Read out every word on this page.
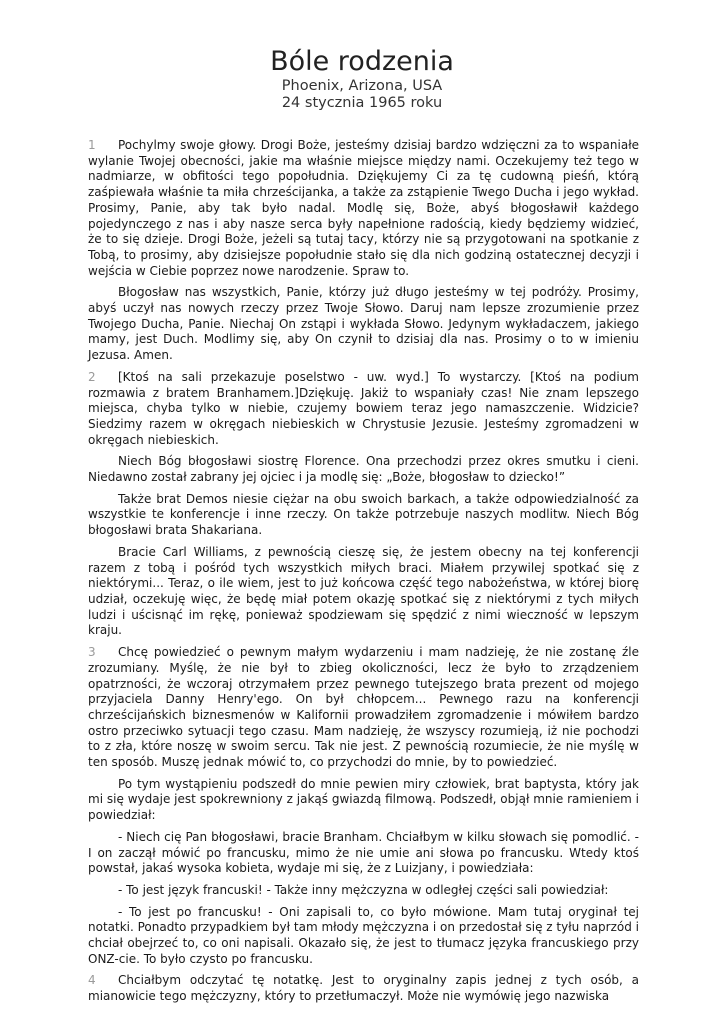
Bóle rodzenia
Phoenix, Arizona, USA
24 stycznia 1965 roku

1 Pochylmy swoje głowy. Drogi Boże, jesteśmy dzisiaj bardzo wdzięczni za to wspaniałe wylanie Twojej obecności, jakie ma właśnie miejsce między nami. Oczekujemy też tego w nadmiarze, w obfitości tego popołudnia. Dziękujemy Ci za tę cudowną pieśń, którą zaśpiewała właśnie ta miła chrześcijanka, a także za zstąpienie Twego Ducha i jego wykład. Prosimy, Panie, aby tak było nadal. Modlę się, Boże, abyś błogosławił każdego pojedynczego z nas i aby nasze serca były napełnione radością, kiedy będziemy widzieć, że to się dzieje. Drogi Boże, jeżeli są tutaj tacy, którzy nie są przygotowani na spotkanie z Tobą, to prosimy, aby dzisiejsze popołudnie stało się dla nich godziną ostatecznej decyzji i wejścia w Ciebie poprzez nowe narodzenie. Spraw to.

Błogosław nas wszystkich, Panie, którzy już długo jesteśmy w tej podróży. Prosimy, abyś uczył nas nowych rzeczy przez Twoje Słowo. Daruj nam lepsze zrozumienie przez Twojego Ducha, Panie. Niechaj On zstąpi i wykłada Słowo. Jedynym wykładaczem, jakiego mamy, jest Duch. Modlimy się, aby On czynił to dzisiaj dla nas. Prosimy o to w imieniu Jezusa. Amen.

2 [Ktoś na sali przekazuje poselstwo - uw. wyd.] To wystarczy. [Ktoś na podium rozmawia z bratem Branhamem.]Dziękuję. Jakiż to wspaniały czas! Nie znam lepszego miejsca, chyba tylko w niebie, czujemy bowiem teraz jego namaszczenie. Widzicie? Siedzimy razem w okręgach niebieskich w Chrystusie Jezusie. Jesteśmy zgromadzeni w okręgach niebieskich.

Niech Bóg błogosławi siostrę Florence. Ona przechodzi przez okres smutku i cieni. Niedawno został zabrany jej ojciec i ja modlę się: „Boże, błogosław to dziecko!”

Także brat Demos niesie ciężar na obu swoich barkach, a także odpowiedzialność za wszystkie te konferencje i inne rzeczy. On także potrzebuje naszych modlitw. Niech Bóg błogosławi brata Shakariana.

Bracie Carl Williams, z pewnością cieszę się, że jestem obecny na tej konferencji razem z tobą i pośród tych wszystkich miłych braci. Miałem przywilej spotkać się z niektórymi... Teraz, o ile wiem, jest to już końcowa część tego nabożeństwa, w której biorę udział, oczekuję więc, że będę miał potem okazję spotkać się z niektórymi z tych miłych ludzi i uścisnąć im rękę, ponieważ spodziewam się spędzić z nimi wieczność w lepszym kraju.

3 Chcę powiedzieć o pewnym małym wydarzeniu i mam nadzieję, że nie zostanę źle zrozumiany. Myślę, że nie był to zbieg okoliczności, lecz że było to zrządzeniem opatrzności, że wczoraj otrzymałem przez pewnego tutejszego brata prezent od mojego przyjaciela Danny Henry'ego. On był chłopcem... Pewnego razu na konferencji chrześcijańskich biznesmenów w Kalifornii prowadziłem zgromadzenie i mówiłem bardzo ostro przeciwko sytuacji tego czasu. Mam nadzieję, że wszyscy rozumieją, iż nie pochodzi to z zła, które noszę w swoim sercu. Tak nie jest. Z pewnością rozumiecie, że nie myślę w ten sposób. Muszę jednak mówić to, co przychodzi do mnie, by to powiedzieć.

Po tym wystąpieniu podszedł do mnie pewien miry człowiek, brat baptysta, który jak mi się wydaje jest spokrewniony z jakąś gwiazdą filmową. Podszedł, objął mnie ramieniem i powiedział:

- Niech cię Pan błogosławi, bracie Branham. Chciałbym w kilku słowach się pomodlić. - I on zaczął mówić po francusku, mimo że nie umie ani słowa po francusku. Wtedy ktoś powstał, jakaś wysoka kobieta, wydaje mi się, że z Luizjany, i powiedziała:

- To jest język francuski! - Także inny mężczyzna w odległej części sali powiedział:

- To jest po francusku! - Oni zapisali to, co było mówione. Mam tutaj oryginał tej notatki. Ponadto przypadkiem był tam młody mężczyzna i on przedostał się z tyłu naprzód i chciał obejrzeć to, co oni napisali. Okazało się, że jest to tłumacz języka francuskiego przy ONZ-cie. To było czysto po francusku.

4 Chciałbym odczytać tę notatkę. Jest to oryginalny zapis jednej z tych osób, a mianowicie tego mężczyzny, który to przetłumaczył. Może nie wymówię jego nazwiska
